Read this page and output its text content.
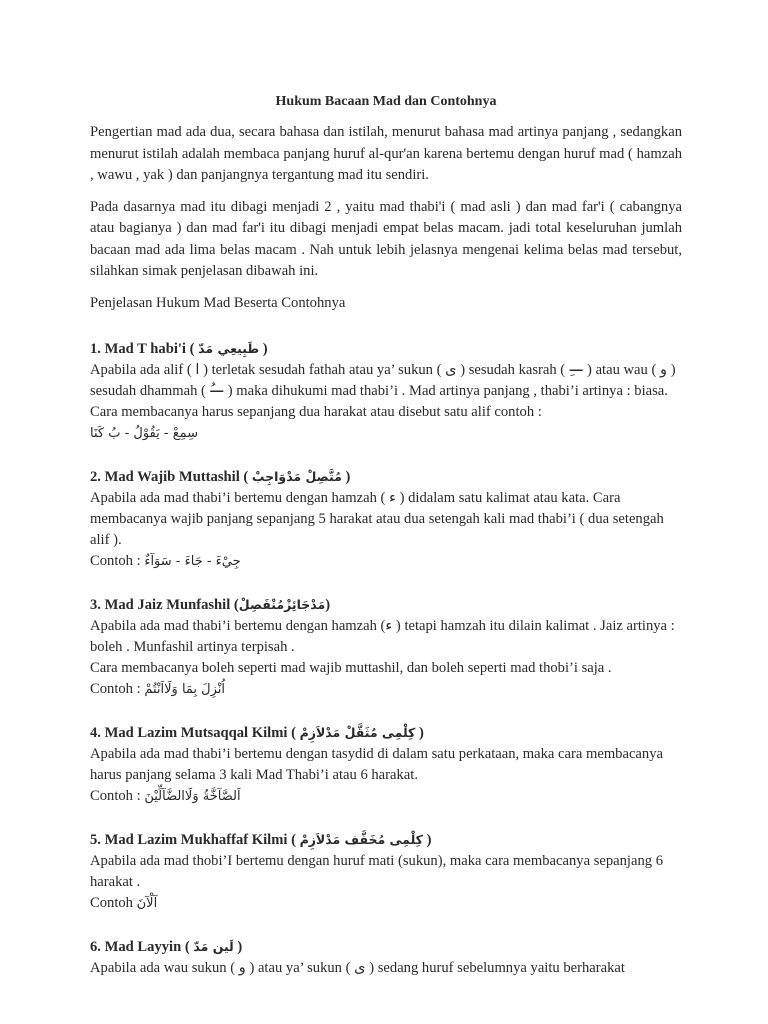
Hukum Bacaan Mad dan Contohnya

Pengertian mad ada dua, secara bahasa dan istilah, menurut bahasa mad artinya panjang , sedangkan menurut istilah adalah membaca panjang huruf al-qur'an karena bertemu dengan huruf mad ( hamzah , wawu , yak ) dan panjangnya tergantung mad itu sendiri.

Pada dasarnya mad itu dibagi menjadi 2 , yaitu mad thabi'i ( mad asli ) dan mad far'i ( cabangnya atau bagianya ) dan mad far'i itu dibagi menjadi empat belas macam. jadi total keseluruhan jumlah bacaan mad ada lima belas macam . Nah untuk lebih jelasnya mengenai kelima belas mad tersebut, silahkan simak penjelasan dibawah ini.

Penjelasan Hukum Mad Beserta Contohnya

1. Mad T habi'i ( طَبِيعِي مَدّ )

Apabila ada alif ( ا ) terletak sesudah fathah atau ya’ sukun ( ى ) sesudah kasrah ( —ِ ) atau wau ( و ) sesudah dhammah ( —ُ ) maka dihukumi mad thabi’i . Mad artinya panjang , thabi’i artinya : biasa.

Cara membacanya harus sepanjang dua harakat atau disebut satu alif contoh :

سِمِعْ - يَقُوْلُ - بُ كَنَا

2. Mad Wajib Muttashil ( مُتَّصِلْ مَدْوَاجِبْ )

Apabila ada mad thabi’i bertemu dengan hamzah ( ء ) didalam satu kalimat atau kata. Cara membacanya wajib panjang sepanjang 5 harakat atau dua setengah kali mad thabi’i ( dua setengah alif ).

Contoh : جِيْءَ - جَاءَ - سَوَآءٌ

3. Mad Jaiz Munfashil (مَدْجَائِزْمُنْفَصِلْ)

Apabila ada mad thabi’i bertemu dengan hamzah (ء ) tetapi hamzah itu dilain kalimat . Jaiz artinya : boleh . Munfashil artinya terpisah .

Cara membacanya boleh seperti mad wajib muttashil, dan boleh seperti mad thobi’i saja .

Contoh : اُنْزِلَ بِمَا وَلَااَنْتُمْ

4. Mad Lazim Mutsaqqal Kilmi ( كِلْمِى مُثَقَّلْ مَدْلاَزِمْ )

Apabila ada mad thabi’i bertemu dengan tasydid di dalam satu perkataan, maka cara membacanya harus panjang selama 3 kali Mad Thabi’i atau 6 harakat.

Contoh : اَلصَّآخَّةُ وَلَاالضَّآلِّيْنَ

5. Mad Lazim Mukhaffaf Kilmi ( كِلْمِى مُخَفَّف مَدْلاَزِمْ )

Apabila ada mad thobi’I bertemu dengan huruf mati (sukun), maka cara membacanya sepanjang 6 harakat .

Contoh آلْآنَ

6. Mad Layyin ( لَين مَدّ )

Apabila ada wau sukun ( و ) atau ya’ sukun ( ى ) sedang huruf sebelumnya yaitu berharakat
